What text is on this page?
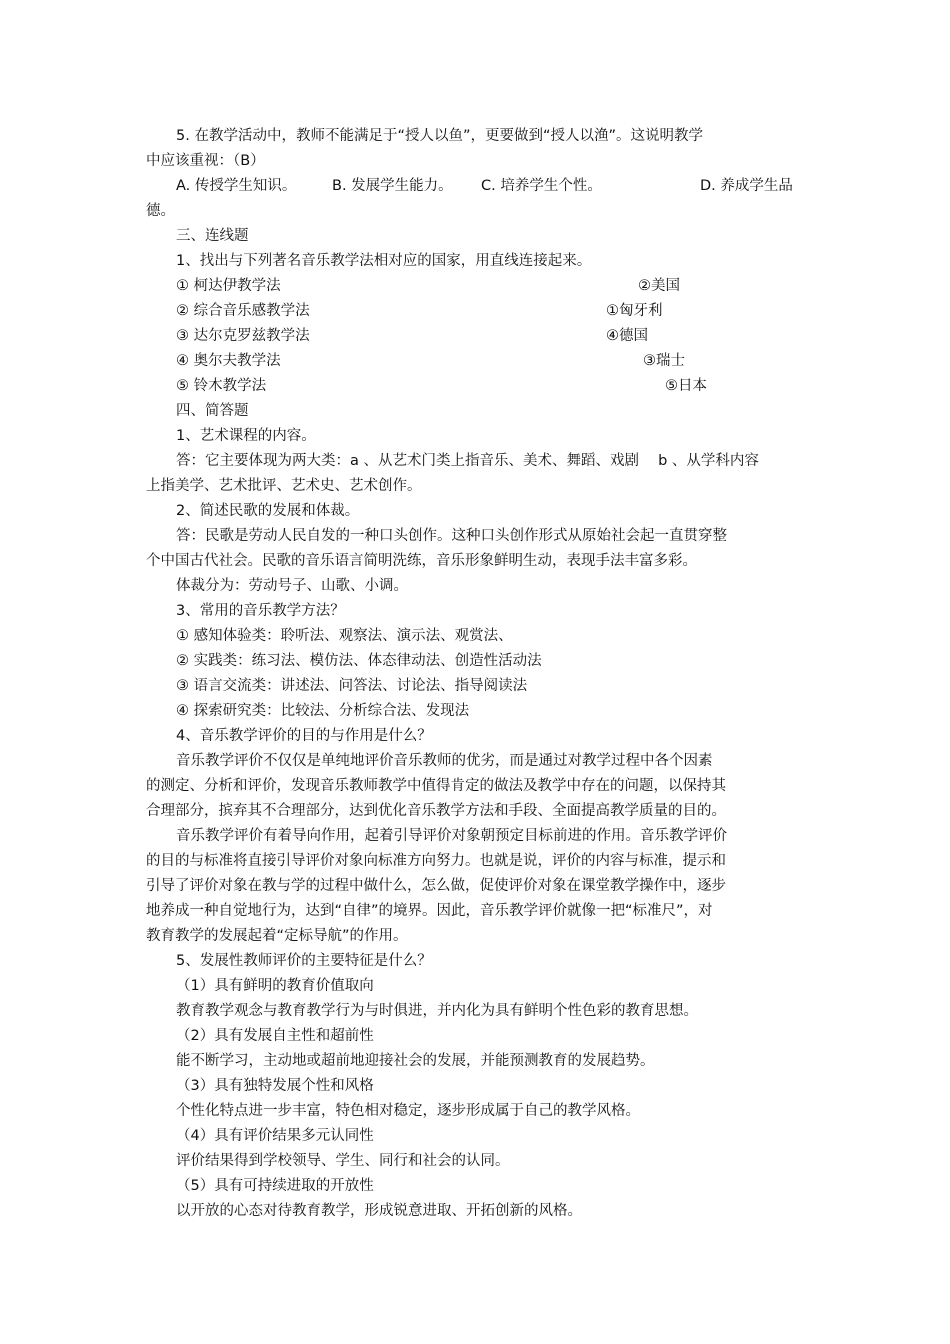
5. 在教学活动中，教师不能满足于“授人以鱼”，更要做到“授人以渔”。这说明教学
中应该重视：（B）
A. 传授学生知识。 B. 发展学生能力。 C. 培养学生个性。	D. 养成学生品
德。
三、连线题
1、找出与下列著名音乐教学法相对应的国家，用直线连接起来。
① 柯达伊教学法	②美国
② 综合音乐感教学法	①匈牙利
③ 达尔克罗兹教学法	④德国
④ 奥尔夫教学法	③瑞士
⑤ 铃木教学法	⑤日本
四、简答题
1、艺术课程的内容。
答：它主要体现为两大类：a 、从艺术门类上指音乐、美术、舞蹈、戏剧　 b 、从学科内容
上指美学、艺术批评、艺术史、艺术创作。
2、简述民歌的发展和体裁。
答：民歌是劳动人民自发的一种口头创作。这种口头创作形式从原始社会起一直贯穿整
个中国古代社会。民歌的音乐语言简明洗练，音乐形象鲜明生动，表现手法丰富多彩。
体裁分为：劳动号子、山歌、小调。
3、常用的音乐教学方法？
① 感知体验类：聆听法、观察法、演示法、观赏法、
② 实践类：练习法、模仿法、体态律动法、创造性活动法
③ 语言交流类：讲述法、问答法、讨论法、指导阅读法
④ 探索研究类：比较法、分析综合法、发现法
4、音乐教学评价的目的与作用是什么？
音乐教学评价不仅仅是单纯地评价音乐教师的优劣，而是通过对教学过程中各个因素
的测定、分析和评价，发现音乐教师教学中值得肯定的做法及教学中存在的问题，以保持其
合理部分，摈弃其不合理部分，达到优化音乐教学方法和手段、全面提高教学质量的目的。
音乐教学评价有着导向作用，起着引导评价对象朝预定目标前进的作用。音乐教学评价
的目的与标准将直接引导评价对象向标准方向努力。也就是说，评价的内容与标准，提示和
引导了评价对象在教与学的过程中做什么，怎么做，促使评价对象在课堂教学操作中，逐步
地养成一种自觉地行为，达到“自律”的境界。因此，音乐教学评价就像一把“标准尺”，对
教育教学的发展起着“定标导航”的作用。
5、发展性教师评价的主要特征是什么？
（1）具有鲜明的教育价值取向
教育教学观念与教育教学行为与时俱进，并内化为具有鲜明个性色彩的教育思想。
（2）具有发展自主性和超前性
能不断学习，主动地或超前地迎接社会的发展，并能预测教育的发展趋势。
（3）具有独特发展个性和风格
个性化特点进一步丰富，特色相对稳定，逐步形成属于自己的教学风格。
（4）具有评价结果多元认同性
评价结果得到学校领导、学生、同行和社会的认同。
（5）具有可持续进取的开放性
以开放的心态对待教育教学，形成锐意进取、开拓创新的风格。
